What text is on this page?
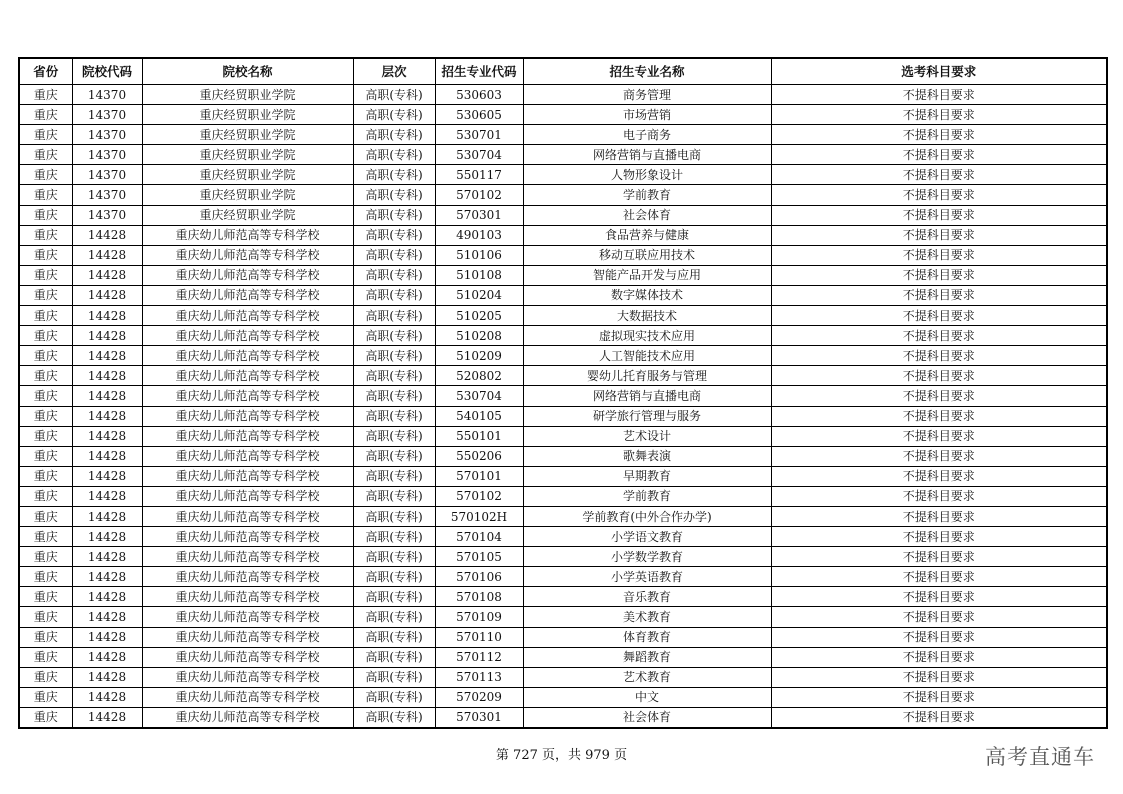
省份	院校代码	院校名称	层次	招生专业代码	招生专业名称	选考科目要求
重庆	14370	重庆经贸职业学院	高职(专科)	530603	商务管理	不提科目要求
重庆	14370	重庆经贸职业学院	高职(专科)	530605	市场营销	不提科目要求
重庆	14370	重庆经贸职业学院	高职(专科)	530701	电子商务	不提科目要求
重庆	14370	重庆经贸职业学院	高职(专科)	530704	网络营销与直播电商	不提科目要求
重庆	14370	重庆经贸职业学院	高职(专科)	550117	人物形象设计	不提科目要求
重庆	14370	重庆经贸职业学院	高职(专科)	570102	学前教育	不提科目要求
重庆	14370	重庆经贸职业学院	高职(专科)	570301	社会体育	不提科目要求
重庆	14428	重庆幼儿师范高等专科学校	高职(专科)	490103	食品营养与健康	不提科目要求
重庆	14428	重庆幼儿师范高等专科学校	高职(专科)	510106	移动互联应用技术	不提科目要求
重庆	14428	重庆幼儿师范高等专科学校	高职(专科)	510108	智能产品开发与应用	不提科目要求
重庆	14428	重庆幼儿师范高等专科学校	高职(专科)	510204	数字媒体技术	不提科目要求
重庆	14428	重庆幼儿师范高等专科学校	高职(专科)	510205	大数据技术	不提科目要求
重庆	14428	重庆幼儿师范高等专科学校	高职(专科)	510208	虚拟现实技术应用	不提科目要求
重庆	14428	重庆幼儿师范高等专科学校	高职(专科)	510209	人工智能技术应用	不提科目要求
重庆	14428	重庆幼儿师范高等专科学校	高职(专科)	520802	婴幼儿托育服务与管理	不提科目要求
重庆	14428	重庆幼儿师范高等专科学校	高职(专科)	530704	网络营销与直播电商	不提科目要求
重庆	14428	重庆幼儿师范高等专科学校	高职(专科)	540105	研学旅行管理与服务	不提科目要求
重庆	14428	重庆幼儿师范高等专科学校	高职(专科)	550101	艺术设计	不提科目要求
重庆	14428	重庆幼儿师范高等专科学校	高职(专科)	550206	歌舞表演	不提科目要求
重庆	14428	重庆幼儿师范高等专科学校	高职(专科)	570101	早期教育	不提科目要求
重庆	14428	重庆幼儿师范高等专科学校	高职(专科)	570102	学前教育	不提科目要求
重庆	14428	重庆幼儿师范高等专科学校	高职(专科)	570102H	学前教育(中外合作办学)	不提科目要求
重庆	14428	重庆幼儿师范高等专科学校	高职(专科)	570104	小学语文教育	不提科目要求
重庆	14428	重庆幼儿师范高等专科学校	高职(专科)	570105	小学数学教育	不提科目要求
重庆	14428	重庆幼儿师范高等专科学校	高职(专科)	570106	小学英语教育	不提科目要求
重庆	14428	重庆幼儿师范高等专科学校	高职(专科)	570108	音乐教育	不提科目要求
重庆	14428	重庆幼儿师范高等专科学校	高职(专科)	570109	美术教育	不提科目要求
重庆	14428	重庆幼儿师范高等专科学校	高职(专科)	570110	体育教育	不提科目要求
重庆	14428	重庆幼儿师范高等专科学校	高职(专科)	570112	舞蹈教育	不提科目要求
重庆	14428	重庆幼儿师范高等专科学校	高职(专科)	570113	艺术教育	不提科目要求
重庆	14428	重庆幼儿师范高等专科学校	高职(专科)	570209	中文	不提科目要求
重庆	14428	重庆幼儿师范高等专科学校	高职(专科)	570301	社会体育	不提科目要求
第 727 页，共 979 页	高考直通车
